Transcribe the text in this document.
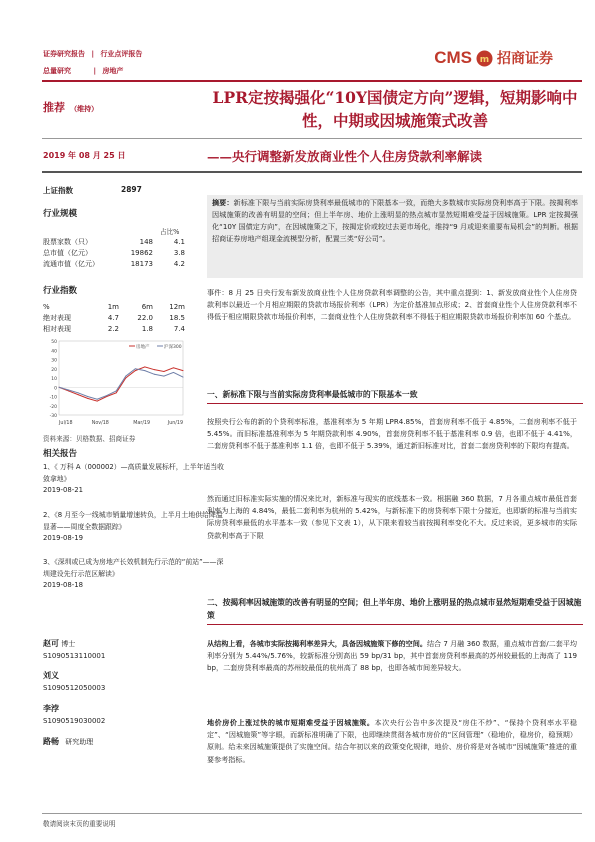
证券研究报告 | 行业点评报告
总量研究	| 房地产
CMS m 招商证券
推荐 （维持）
LPR定按揭强化“10Y国债定方向”逻辑，短期影响中性，中期或因城施策式改善
2019 年 08 月 25 日	——央行调整新发放商业性个人住房贷款利率解读
上证指数	2897
行业规模
占比%
股票家数（只）	148	4.1
总市值（亿元）	19862	3.8
流通市值（亿元）	18173	4.2
行业指数
%	1m	6m	12m
绝对表现	4.7	22.0	18.5
相对表现	2.2	1.8	7.4
50
40
30
20
10
0
-10
-20
-30
Jul/18	Nov/18	Mar/19	Jun/19
房地产	沪深300
资料来源：贝格数据、招商证券
相关报告
1、《 万科 A（000002）—高质量发展标杆，上半年适当收敛拿地》
2019-08-21
2、《8 月至今一线城市销量增速转负，上半月土地供给降温显著——周度全数据跟踪》
2019-08-19
3、《深圳或已成为房地产长效机制先行示范的“前站”——深圳建设先行示范区解读》
2019-08-18
赵可 博士
S1090513110001
刘义
S1090512050003
李浡
S1090519030002
路畅 研究助理
摘要：新标准下限与当前实际房贷利率最低城市的下限基本一致，而绝大多数城市实际房贷利率高于下限。按揭利率因城施策的改善有明显的空间；但上半年房、地价上涨明显的热点城市显然短期难受益于因城施策。LPR 定按揭强化“10Y 国债定方向”，在因城施策之下，按揭定价或较过去更市场化，维持“9 月或迎来重要布局机会”的判断。根据招商证券房地产组现金流模型分析，配置三类“好公司”。
事件：8 月 25 日央行发布新发放商业性个人住房贷款利率调整的公告，其中重点提到：1、新发放商业性个人住房贷款利率以最近一个月相应期限的贷款市场报价利率（LPR）为定价基准加点形成；2、首套商业性个人住房贷款利率不得低于相应期限贷款市场报价利率，二套商业性个人住房贷款利率不得低于相应期限贷款市场报价利率加 60 个基点。
一、新标准下限与当前实际房贷利率最低城市的下限基本一致
按照央行公布的新的个贷利率标准，基准利率为 5 年期 LPR4.85%，首套房利率不低于 4.85%，二套房利率不低于 5.45%。而旧标准基准利率为 5 年期贷款利率 4.90%，首套房贷利率不低于基准利率 0.9 倍，也即不低于 4.41%，二套房贷利率不低于基准利率 1.1 倍，也即不低于 5.39%，通过新旧标准对比，首套二套房贷利率的下限均有提高。
然而通过旧标准实际实施的情况来比对，新标准与现实的底线基本一致。根据融 360 数据，7 月各重点城市最低首套利率为上海的 4.84%，最低二套利率为杭州的 5.42%，与新标准下的房贷利率下限十分接近，也即新的标准与当前实际房贷利率最低的水平基本一致（参见下文表 1），从下限来看较当前按揭利率变化不大。反过来说，更多城市的实际贷款利率高于下限
二、按揭利率因城施策的改善有明显的空间；但上半年房、地价上涨明显的热点城市显然短期难受益于因城施策
从结构上看，各城市实际按揭利率差异大，具备因城施策下修的空间。结合 7 月融 360 数据，重点城市首套/二套平均利率分别为 5.44%/5.76%，较新标准分别高出 59 bp/31 bp，其中首套房贷利率最高的苏州较最低的上海高了 119 bp，二套房贷利率最高的苏州较最低的杭州高了 88 bp，也即各城市间差异较大。
地价房价上涨过快的城市短期难受益于因城施策。本次央行公告中多次提及“房住不炒”、“保持个贷利率水平稳定”、“因城施策”等字眼，而新标准明确了下限，也即继续贯彻各城市房价的“区间管理”（稳地价，稳房价，稳预期）原则。给未来因城施策提供了实施空间。结合年初以来的政策变化规律，地价、房价将是对各城市“因城施策”推进的重要参考指标。
敬请阅读末页的重要说明
